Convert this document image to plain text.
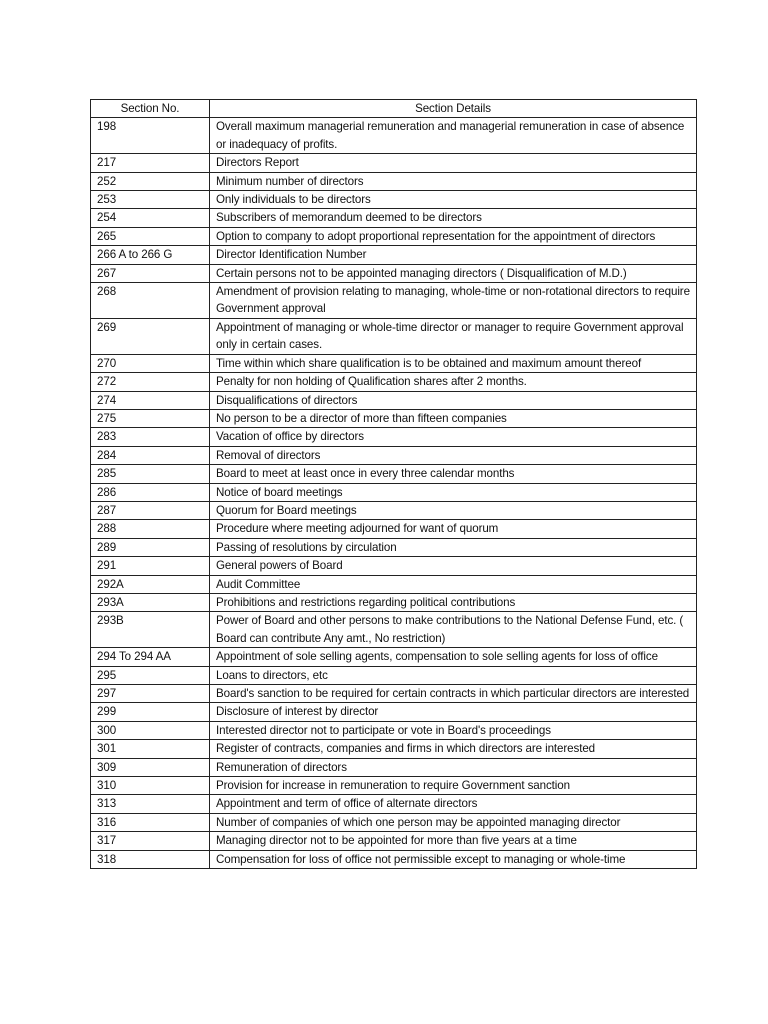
Section No.	Section Details
198	Overall maximum managerial remuneration and managerial remuneration in case of absence or inadequacy of profits.
217	Directors Report
252	Minimum number of directors
253	Only individuals to be directors
254	Subscribers of memorandum deemed to be directors
265	Option to company to adopt proportional representation for the appointment of directors
266 A to 266 G	Director Identification Number
267	Certain persons not to be appointed managing directors ( Disqualification of M.D.)
268	Amendment of provision relating to managing, whole-time or non-rotational directors to require Government approval
269	Appointment of managing or whole-time director or manager to require Government approval only in certain cases.
270	Time within which share qualification is to be obtained and maximum amount thereof
272	Penalty for non holding of Qualification shares after 2 months.
274	Disqualifications of directors
275	No person to be a director of more than fifteen companies
283	Vacation of office by directors
284	Removal of directors
285	Board to meet at least once in every three calendar months
286	Notice of board meetings
287	Quorum for Board meetings
288	Procedure where meeting adjourned for want of quorum
289	Passing of resolutions by circulation
291	General powers of Board
292A	Audit Committee
293A	Prohibitions and restrictions regarding political contributions
293B	Power of Board and other persons to make contributions to the National Defense Fund, etc. ( Board can contribute Any amt., No restriction)
294 To 294 AA	Appointment of sole selling agents, compensation to sole selling agents for loss of office
295	Loans to directors, etc
297	Board's sanction to be required for certain contracts in which particular directors are interested
299	Disclosure of interest by director
300	Interested director not to participate or vote in Board's proceedings
301	Register of contracts, companies and firms in which directors are interested
309	Remuneration of directors
310	Provision for increase in remuneration to require Government sanction
313	Appointment and term of office of alternate directors
316	Number of companies of which one person may be appointed managing director
317	Managing director not to be appointed for more than five years at a time
318	Compensation for loss of office not permissible except to managing or whole-time
